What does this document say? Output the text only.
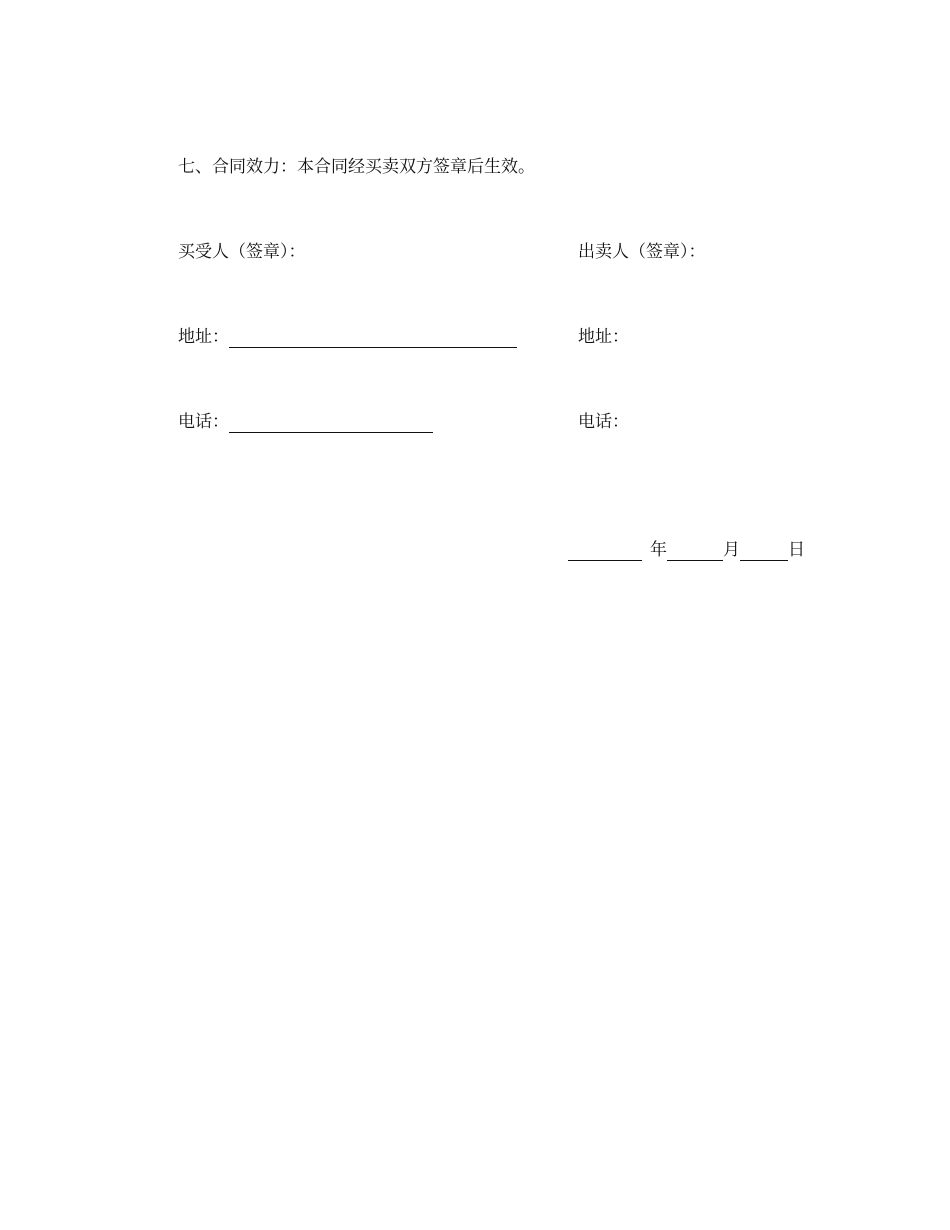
七、合同效力：本合同经买卖双方签章后生效。
买受人（签章）：	出卖人（签章）：
地址：	地址：
电话：	电话：
年	月	日
